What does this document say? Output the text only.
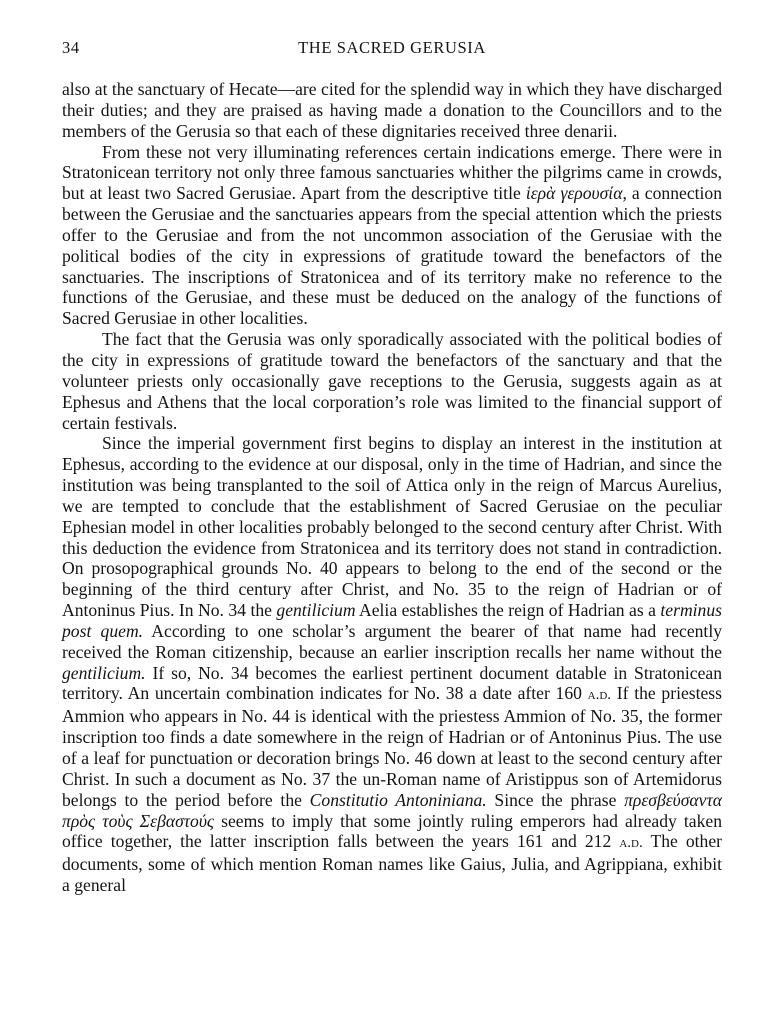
34	THE SACRED GERUSIA

also at the sanctuary of Hecate—are cited for the splendid way in which they have discharged their duties; and they are praised as having made a donation to the Councillors and to the members of the Gerusia so that each of these dignitaries received three denarii.

From these not very illuminating references certain indications emerge. There were in Stratonicean territory not only three famous sanctuaries whither the pilgrims came in crowds, but at least two Sacred Gerusiae. Apart from the descriptive title ἱερὰ γερουσία, a connection between the Gerusiae and the sanctuaries appears from the special attention which the priests offer to the Gerusiae and from the not uncommon association of the Gerusiae with the political bodies of the city in expressions of gratitude toward the benefactors of the sanctuaries. The inscriptions of Stratonicea and of its territory make no reference to the functions of the Gerusiae, and these must be deduced on the analogy of the functions of Sacred Gerusiae in other localities.

The fact that the Gerusia was only sporadically associated with the political bodies of the city in expressions of gratitude toward the benefactors of the sanctuary and that the volunteer priests only occasionally gave receptions to the Gerusia, suggests again as at Ephesus and Athens that the local corporation’s role was limited to the financial support of certain festivals.

Since the imperial government first begins to display an interest in the institution at Ephesus, according to the evidence at our disposal, only in the time of Hadrian, and since the institution was being transplanted to the soil of Attica only in the reign of Marcus Aurelius, we are tempted to conclude that the establishment of Sacred Gerusiae on the peculiar Ephesian model in other localities probably belonged to the second century after Christ. With this deduction the evidence from Stratonicea and its territory does not stand in contradiction. On prosopographical grounds No. 40 appears to belong to the end of the second or the beginning of the third century after Christ, and No. 35 to the reign of Hadrian or of Antoninus Pius. In No. 34 the gentilicium Aelia establishes the reign of Hadrian as a terminus post quem. According to one scholar’s argument the bearer of that name had recently received the Roman citizenship, because an earlier inscription recalls her name without the gentilicium. If so, No. 34 becomes the earliest pertinent document datable in Stratonicean territory. An uncertain combination indicates for No. 38 a date after 160 a.d. If the priestess Ammion who appears in No. 44 is identical with the priestess Ammion of No. 35, the former inscription too finds a date somewhere in the reign of Hadrian or of Antoninus Pius. The use of a leaf for punctuation or decoration brings No. 46 down at least to the second century after Christ. In such a document as No. 37 the un-Roman name of Aristippus son of Artemidorus belongs to the period before the Constitutio Antoniniana. Since the phrase πρεσβεύσαντα πρὸς τοὺς Σεβαστούς seems to imply that some jointly ruling emperors had already taken office together, the latter inscription falls between the years 161 and 212 a.d. The other documents, some of which mention Roman names like Gaius, Julia, and Agrippiana, exhibit a general
